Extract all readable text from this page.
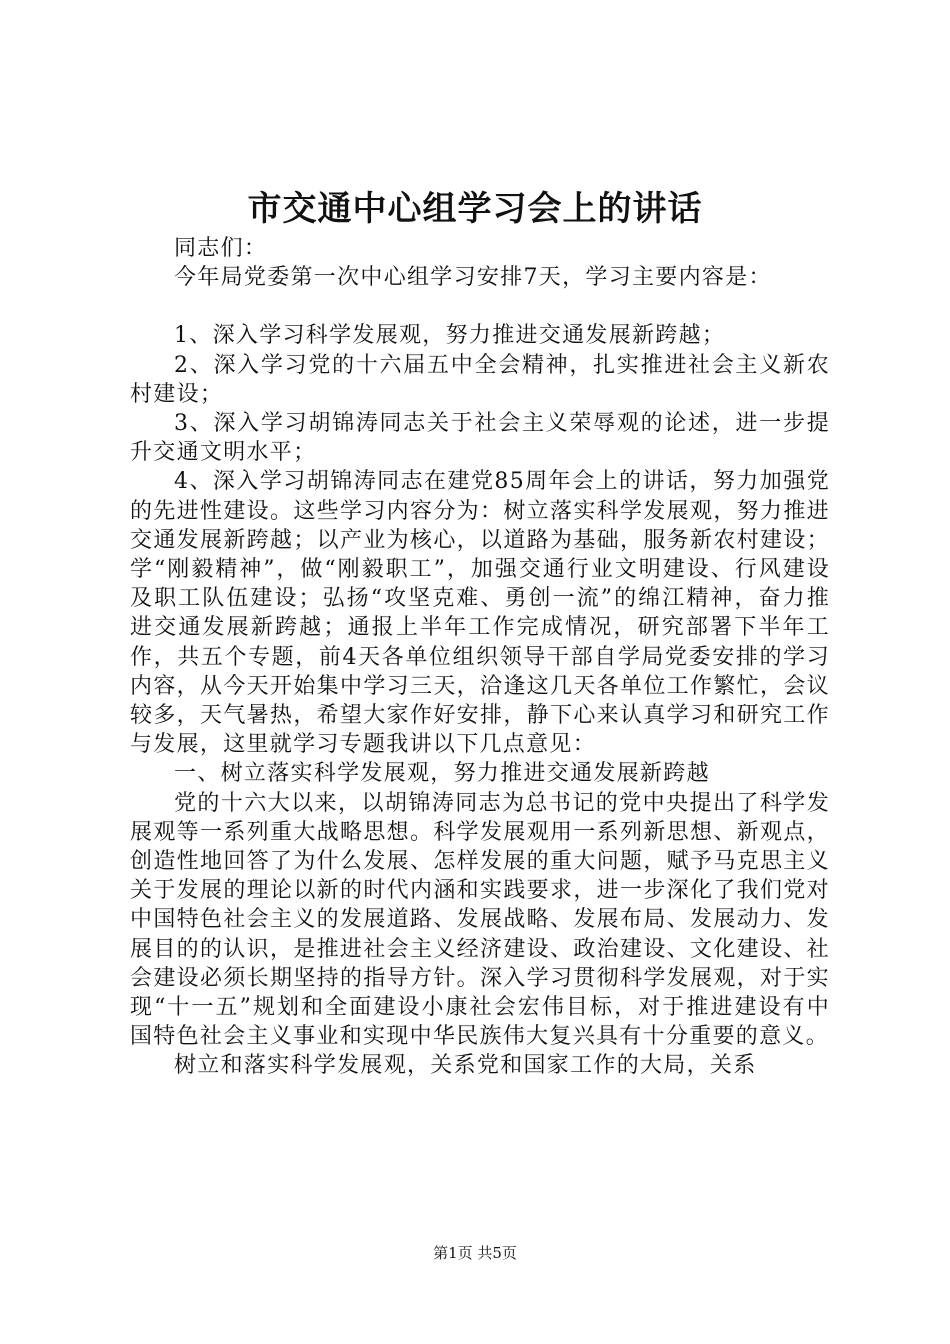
市交通中心组学习会上的讲话

同志们：

今年局党委第一次中心组学习安排7天，学习主要内容是：

1、深入学习科学发展观，努力推进交通发展新跨越；

2、深入学习党的十六届五中全会精神，扎实推进社会主义新农村建设；

3、深入学习胡锦涛同志关于社会主义荣辱观的论述，进一步提升交通文明水平；

4、深入学习胡锦涛同志在建党85周年会上的讲话，努力加强党的先进性建设。这些学习内容分为：树立落实科学发展观，努力推进交通发展新跨越；以产业为核心，以道路为基础，服务新农村建设；学“刚毅精神”，做“刚毅职工”，加强交通行业文明建设、行风建设及职工队伍建设；弘扬“攻坚克难、勇创一流”的绵江精神，奋力推进交通发展新跨越；通报上半年工作完成情况，研究部署下半年工作，共五个专题，前4天各单位组织领导干部自学局党委安排的学习内容，从今天开始集中学习三天，洽逢这几天各单位工作繁忙，会议较多，天气暑热，希望大家作好安排，静下心来认真学习和研究工作与发展，这里就学习专题我讲以下几点意见：

一、树立落实科学发展观，努力推进交通发展新跨越

党的十六大以来，以胡锦涛同志为总书记的党中央提出了科学发展观等一系列重大战略思想。科学发展观用一系列新思想、新观点，创造性地回答了为什么发展、怎样发展的重大问题，赋予马克思主义关于发展的理论以新的时代内涵和实践要求，进一步深化了我们党对中国特色社会主义的发展道路、发展战略、发展布局、发展动力、发展目的的认识，是推进社会主义经济建设、政治建设、文化建设、社会建设必须长期坚持的指导方针。深入学习贯彻科学发展观，对于实现“十一五”规划和全面建设小康社会宏伟目标，对于推进建设有中国特色社会主义事业和实现中华民族伟大复兴具有十分重要的意义。

树立和落实科学发展观，关系党和国家工作的大局，关系

第1页 共5页
